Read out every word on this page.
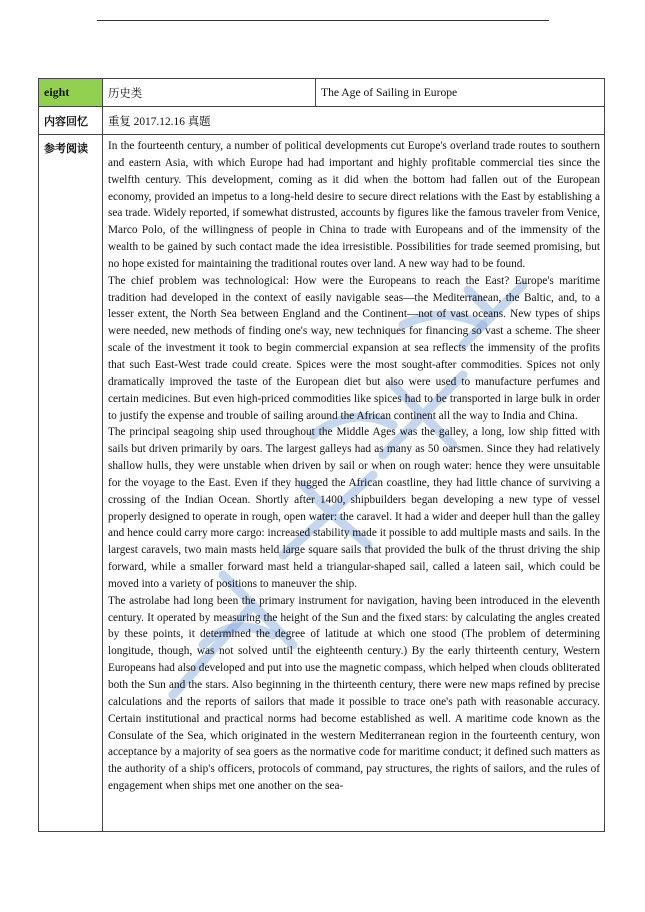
eight	历史类	The Age of Sailing in Europe
内容回忆	重复 2017.12.16 真题	
参考阅读	In the fourteenth century, a number of political developments cut Europe's overland trade routes to southern and eastern Asia, with which Europe had had important and highly profitable commercial ties since the twelfth century. This development, coming as it did when the bottom had fallen out of the European economy, provided an impetus to a long-held desire to secure direct relations with the East by establishing a sea trade. Widely reported, if somewhat distrusted, accounts by figures like the famous traveler from Venice, Marco Polo, of the willingness of people in China to trade with Europeans and of the immensity of the wealth to be gained by such contact made the idea irresistible. Possibilities for trade seemed promising, but no hope existed for maintaining the traditional routes over land. A new way had to be found.

The chief problem was technological: How were the Europeans to reach the East? Europe's maritime tradition had developed in the context of easily navigable seas—the Mediterranean, the Baltic, and, to a lesser extent, the North Sea between England and the Continent—not of vast oceans. New types of ships were needed, new methods of finding one's way, new techniques for financing so vast a scheme. The sheer scale of the investment it took to begin commercial expansion at sea reflects the immensity of the profits that such East-West trade could create. Spices were the most sought-after commodities. Spices not only dramatically improved the taste of the European diet but also were used to manufacture perfumes and certain medicines. But even high-priced commodities like spices had to be transported in large bulk in order to justify the expense and trouble of sailing around the African continent all the way to India and China.

The principal seagoing ship used throughout the Middle Ages was the galley, a long, low ship fitted with sails but driven primarily by oars. The largest galleys had as many as 50 oarsmen. Since they had relatively shallow hulls, they were unstable when driven by sail or when on rough water: hence they were unsuitable for the voyage to the East. Even if they hugged the African coastline, they had little chance of surviving a crossing of the Indian Ocean. Shortly after 1400, shipbuilders began developing a new type of vessel properly designed to operate in rough, open water: the caravel. It had a wider and deeper hull than the galley and hence could carry more cargo: increased stability made it possible to add multiple masts and sails. In the largest caravels, two main masts held large square sails that provided the bulk of the thrust driving the ship forward, while a smaller forward mast held a triangular-shaped sail, called a lateen sail, which could be moved into a variety of positions to maneuver the ship.

The astrolabe had long been the primary instrument for navigation, having been introduced in the eleventh century. It operated by measuring the height of the Sun and the fixed stars: by calculating the angles created by these points, it determined the degree of latitude at which one stood (The problem of determining longitude, though, was not solved until the eighteenth century.) By the early thirteenth century, Western Europeans had also developed and put into use the magnetic compass, which helped when clouds obliterated both the Sun and the stars. Also beginning in the thirteenth century, there were new maps refined by precise calculations and the reports of sailors that made it possible to trace one's path with reasonable accuracy. Certain institutional and practical norms had become established as well. A maritime code known as the Consulate of the Sea, which originated in the western Mediterranean region in the fourteenth century, won acceptance by a majority of sea goers as the normative code for maritime conduct; it defined such matters as the authority of a ship's officers, protocols of command, pay structures, the rights of sailors, and the rules of engagement when ships met one another on the sea-	
